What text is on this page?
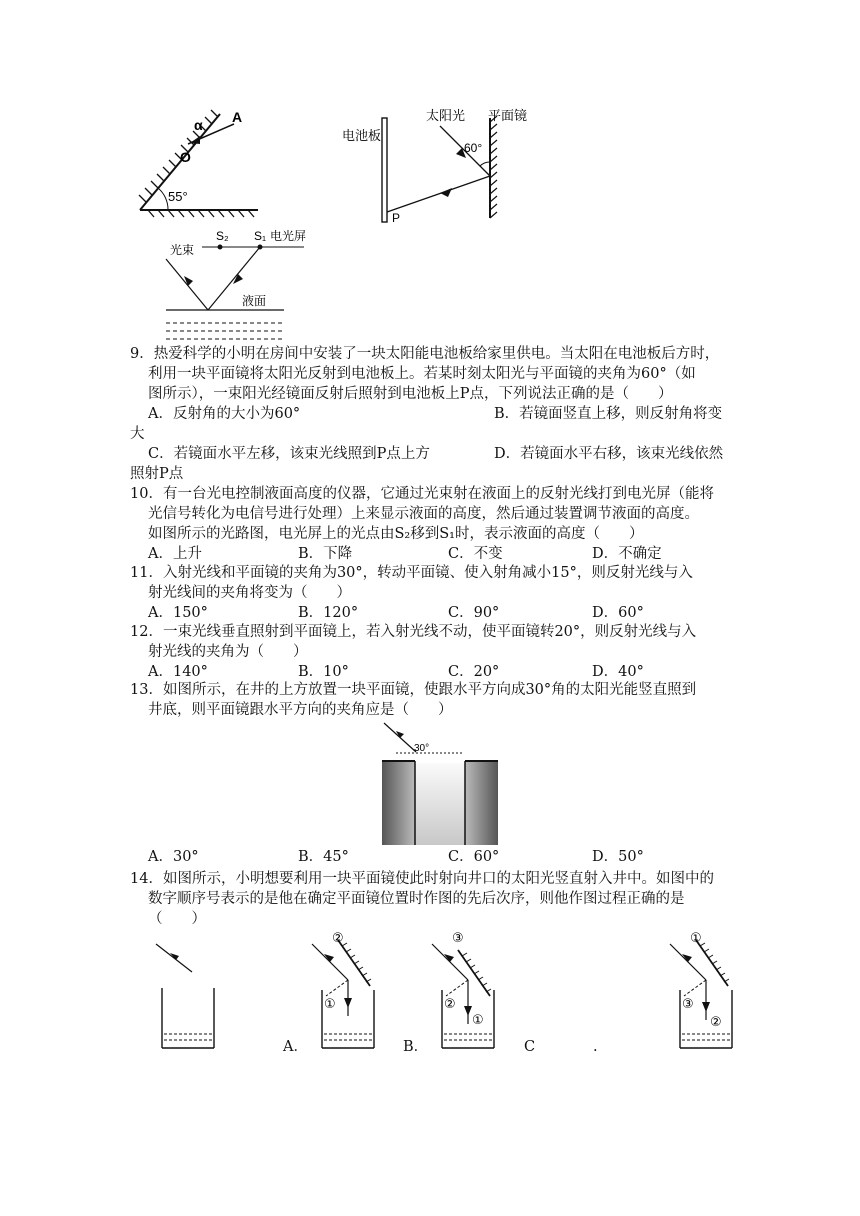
A
α
O
55°
电池板
太阳光 平面镜
60°
P
S₂ S₁ 电光屏
光束
液面
9．热爱科学的小明在房间中安装了一块太阳能电池板给家里供电。当太阳在电池板后方时，
利用一块平面镜将太阳光反射到电池板上。若某时刻太阳光与平面镜的夹角为60°（如
图所示），一束阳光经镜面反射后照射到电池板上P点，下列说法正确的是（　　）
A．反射角的大小为60°	B．若镜面竖直上移，则反射角将变
大
C．若镜面水平左移，该束光线照到P点上方	D．若镜面水平右移，该束光线依然
照射P点
10．有一台光电控制液面高度的仪器，它通过光束射在液面上的反射光线打到电光屏（能将
光信号转化为电信号进行处理）上来显示液面的高度，然后通过装置调节液面的高度。
如图所示的光路图，电光屏上的光点由S₂移到S₁时，表示液面的高度（　　）
A．上升	B．下降	C．不变	D．不确定
11．入射光线和平面镜的夹角为30°，转动平面镜、使入射角减小15°，则反射光线与入
射光线间的夹角将变为（　　）
A．150°	B．120°	C．90°	D．60°
12．一束光线垂直照射到平面镜上，若入射光线不动，使平面镜转20°，则反射光线与入
射光线的夹角为（　　）
A．140°	B．10°	C．20°	D．40°
13．如图所示，在井的上方放置一块平面镜，使跟水平方向成30°角的太阳光能竖直照到
井底，则平面镜跟水平方向的夹角应是（　　）
30°
A．30°	B．45°	C．60°	D．50°
14．如图所示，小明想要利用一块平面镜使此时射向井口的太阳光竖直射入井中。如图中的
数字顺序号表示的是他在确定平面镜位置时作图的先后次序，则他作图过程正确的是
（　　）
②
①
③
②
①
①
③
②
A．	B．	C	.
